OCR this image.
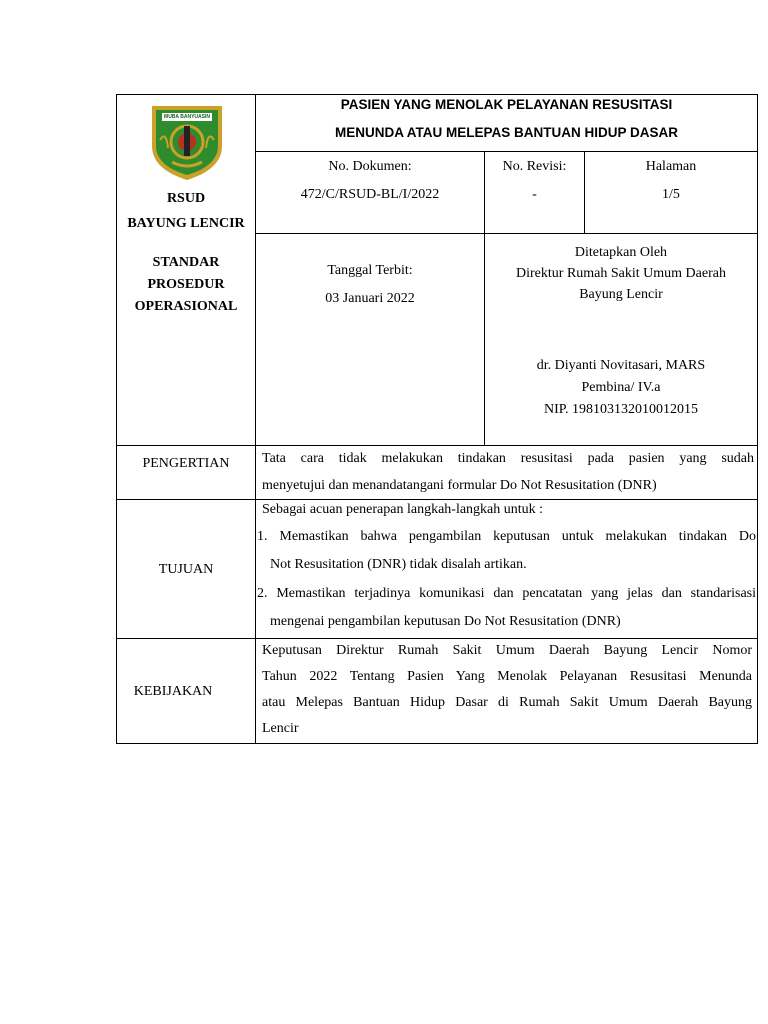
MUBA BANYUASIN
RSUD
BAYUNG LENCIR
PASIEN YANG MENOLAK PELAYANAN RESUSITASI
MENUNDA ATAU MELEPAS BANTUAN HIDUP DASAR
No. Dokumen:
472/C/RSUD-BL/I/2022
No. Revisi:
-
Halaman
1/5
STANDAR
PROSEDUR
OPERASIONAL
Tanggal Terbit:
03 Januari 2022
Ditetapkan Oleh
Direktur Rumah Sakit Umum Daerah
Bayung Lencir
dr. Diyanti Novitasari, MARS
Pembina/ IV.a
NIP. 198103132010012015
PENGERTIAN	Tata cara tidak melakukan tindakan resusitasi pada pasien yang sudah
menyetujui dan menandatangani formular Do Not Resusitation (DNR)
TUJUAN
Sebagai acuan penerapan langkah-langkah untuk :
1. Memastikan bahwa pengambilan keputusan untuk melakukan tindakan Do
Not Resusitation (DNR) tidak disalah artikan.
2. Memastikan terjadinya komunikasi dan pencatatan yang jelas dan standarisasi
mengenai pengambilan keputusan Do Not Resusitation (DNR)
KEBIJAKAN
Keputusan Direktur Rumah Sakit Umum Daerah Bayung Lencir Nomor
Tahun 2022 Tentang Pasien Yang Menolak Pelayanan Resusitasi Menunda
atau Melepas Bantuan Hidup Dasar di Rumah Sakit Umum Daerah Bayung
Lencir
